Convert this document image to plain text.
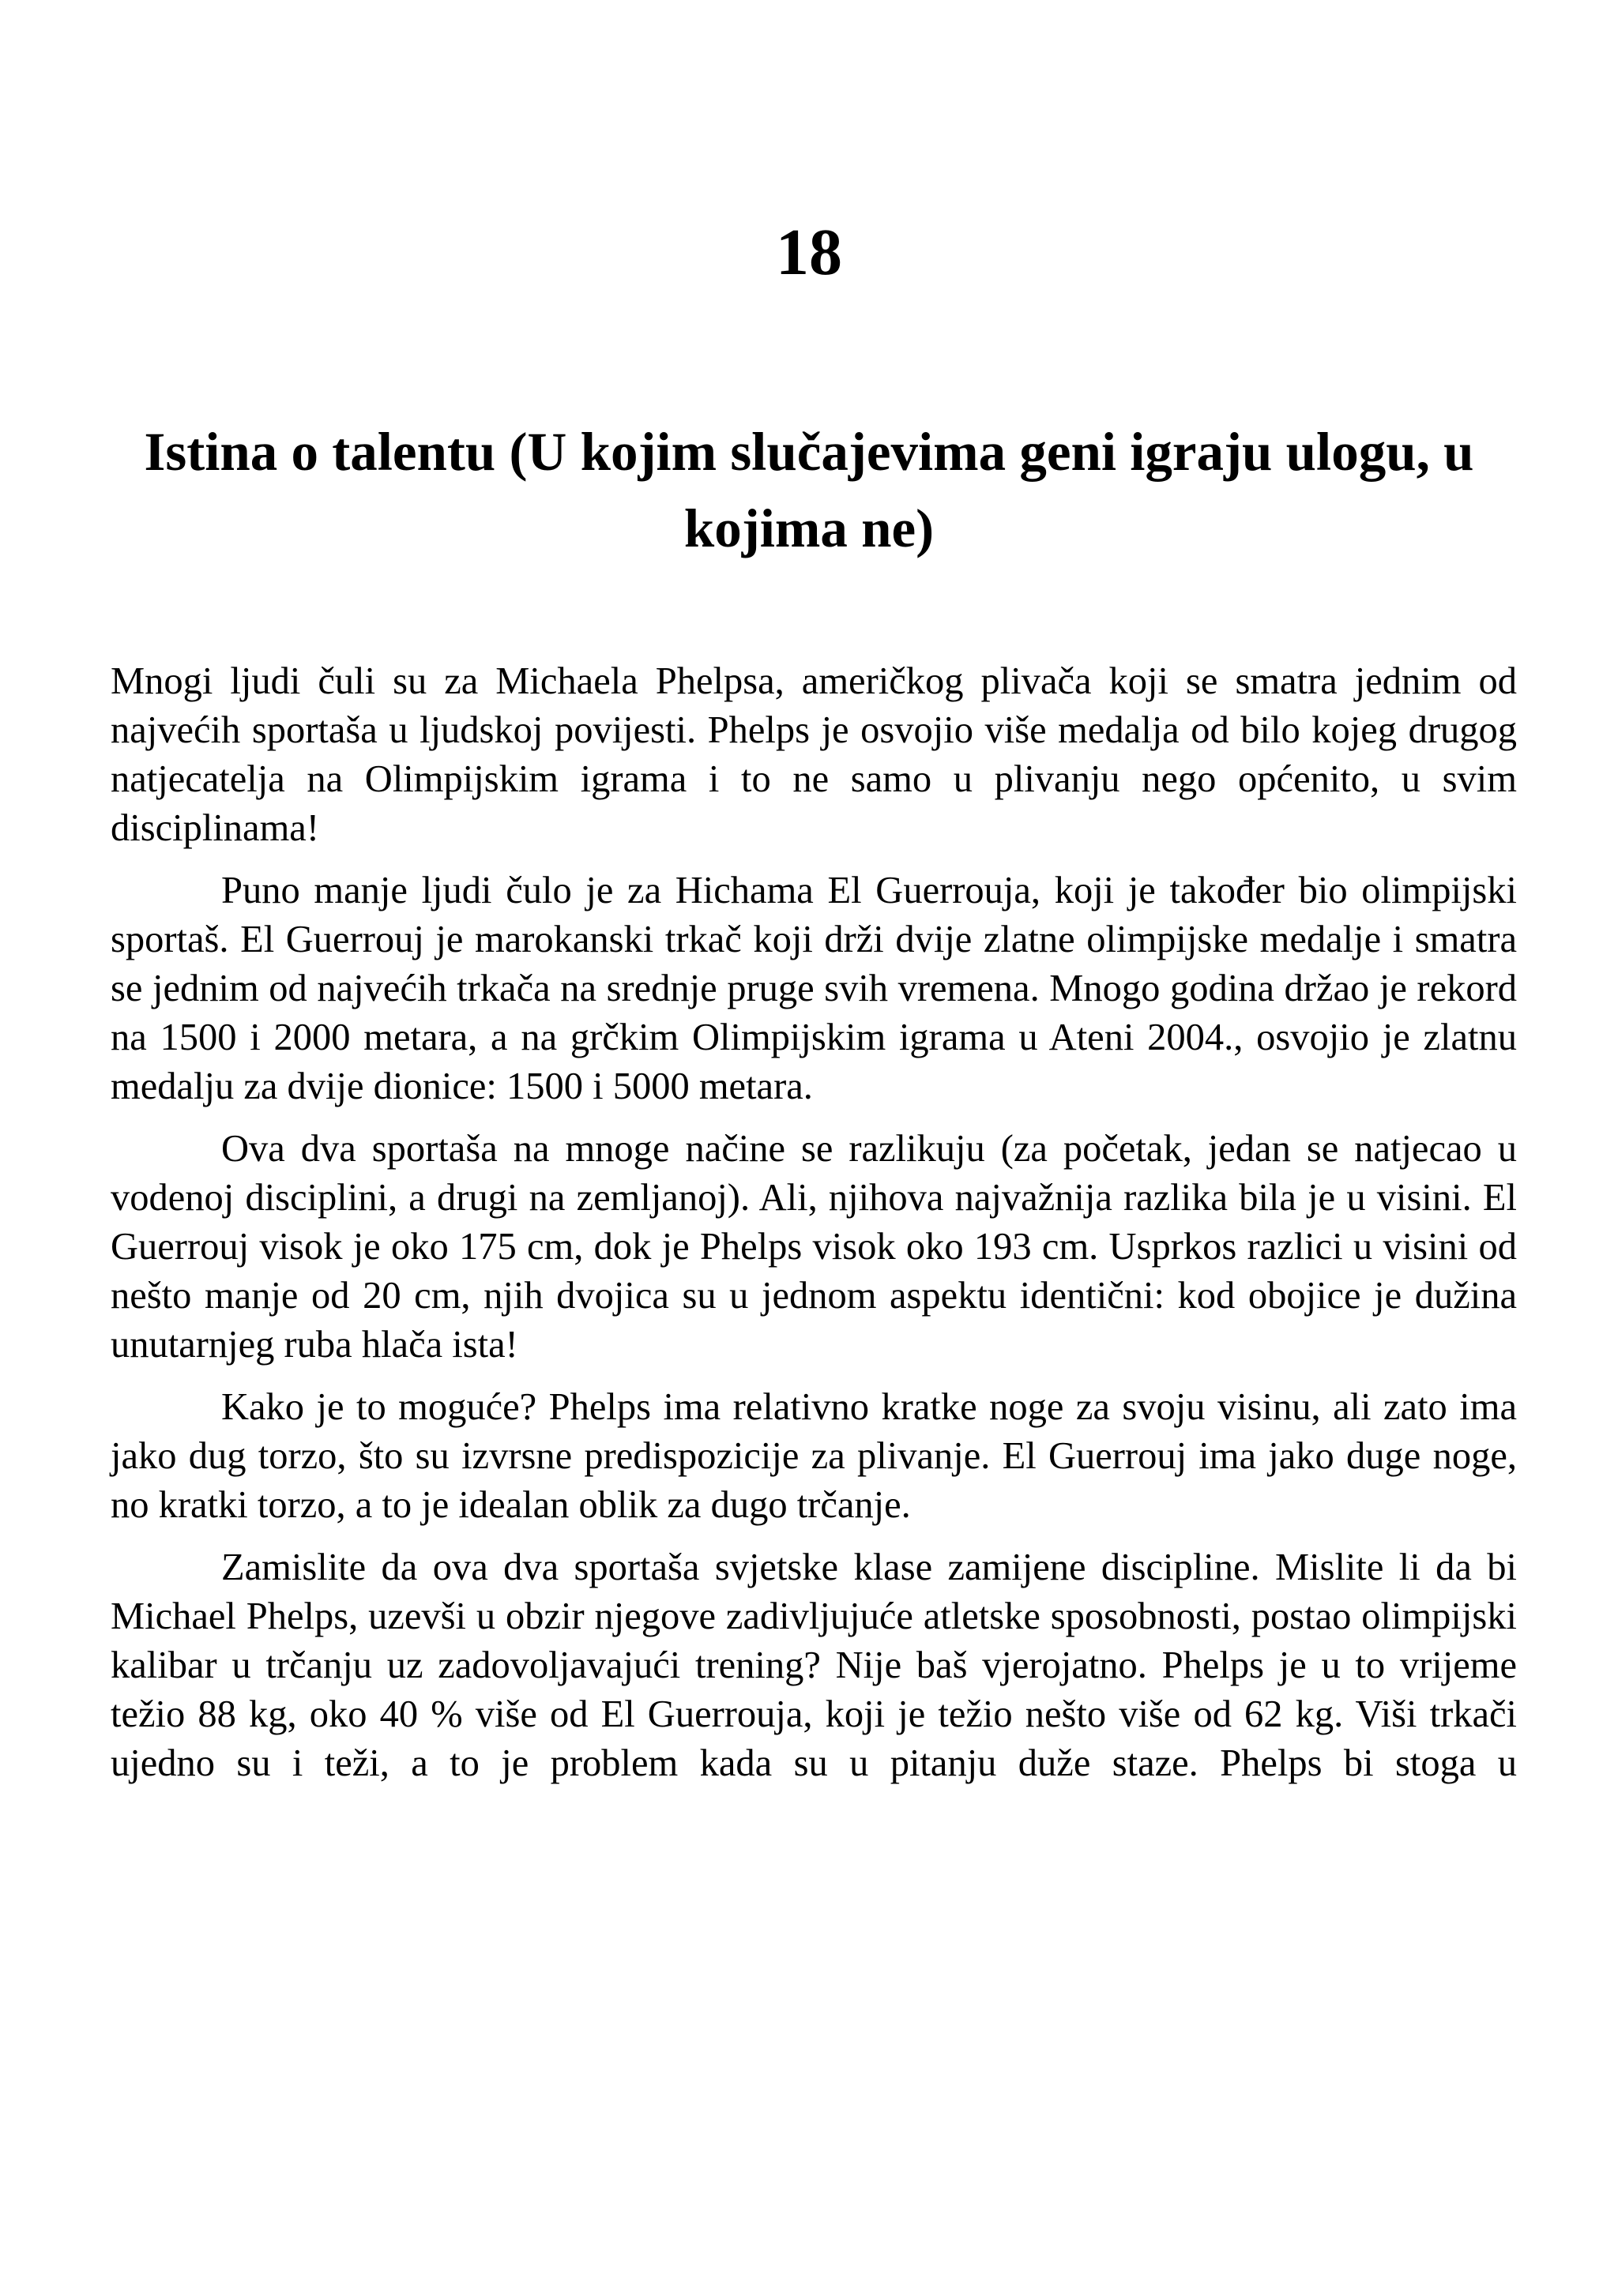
18
Istina o talentu (U kojim slučajevima geni igraju ulogu, u kojima ne)

Mnogi ljudi čuli su za Michaela Phelpsa, američkog plivača koji se smatra jednim od najvećih sportaša u ljudskoj povijesti. Phelps je osvojio više medalja od bilo kojeg drugog natjecatelja na Olimpijskim igrama i to ne samo u plivanju nego općenito, u svim disciplinama!

Puno manje ljudi čulo je za Hichama El Guerrouja, koji je također bio olimpijski sportaš. El Guerrouj je marokanski trkač koji drži dvije zlatne olimpijske medalje i smatra se jednim od najvećih trkača na srednje pruge svih vremena. Mnogo godina držao je rekord na 1500 i 2000 metara, a na grčkim Olimpijskim igrama u Ateni 2004., osvojio je zlatnu medalju za dvije dionice: 1500 i 5000 metara.

Ova dva sportaša na mnoge načine se razlikuju (za početak, jedan se natjecao u vodenoj disciplini, a drugi na zemljanoj). Ali, njihova najvažnija razlika bila je u visini. El Guerrouj visok je oko 175 cm, dok je Phelps visok oko 193 cm. Usprkos razlici u visini od nešto manje od 20 cm, njih dvojica su u jednom aspektu identični: kod obojice je dužina unutarnjeg ruba hlača ista!

Kako je to moguće? Phelps ima relativno kratke noge za svoju visinu, ali zato ima jako dug torzo, što su izvrsne predispozicije za plivanje. El Guerrouj ima jako duge noge, no kratki torzo, a to je idealan oblik za dugo trčanje.

Zamislite da ova dva sportaša svjetske klase zamijene discipline. Mislite li da bi Michael Phelps, uzevši u obzir njegove zadivljujuće atletske sposobnosti, postao olimpijski kalibar u trčanju uz zadovoljavajući trening? Nije baš vjerojatno. Phelps je u to vrijeme težio 88 kg, oko 40 % više od El Guerrouja, koji je težio nešto više od 62 kg. Viši trkači ujedno su i teži, a to je problem kada su u pitanju duže staze. Phelps bi stoga u
